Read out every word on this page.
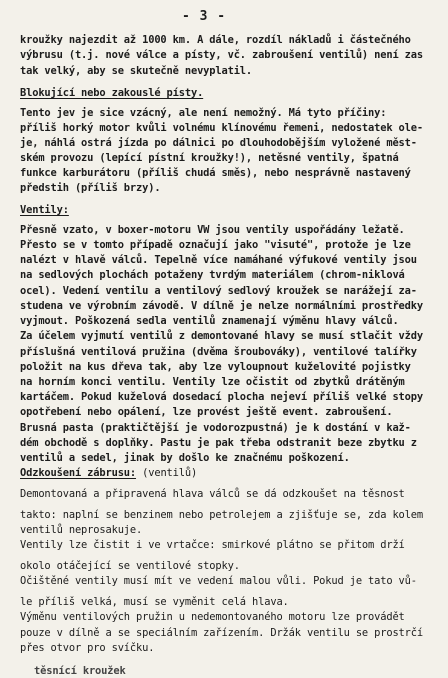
- 3 -
kroužky najezdit až 1000 km. A dále, rozdíl nákladů i částečného
výbrusu (t.j. nové válce a písty, vč. zabroušení ventilů) není zas
tak velký, aby se skutečně nevyplatil.
Blokující nebo zakouslé písty.
Tento jev je sice vzácný, ale není nemožný. Má tyto příčiny:
příliš horký motor kvůli volnému klínovému řemeni, nedostatek ole-
je, náhlá ostrá jízda po dálnici po dlouhodobějším vyložené měst-
ském provozu (lepící pístní kroužky!), netěsné ventily, špatná
funkce karburátoru (příliš chudá směs), nebo nesprávně nastavený
předstih (příliš brzy).
Ventily:
Přesně vzato, v boxer-motoru VW jsou ventily uspořádány ležatě.
Přesto se v tomto případě označují jako "visuté", protože je lze
nalézt v hlavě válců. Tepelně více namáhané výfukové ventily jsou
na sedlových plochách potaženy tvrdým materiálem (chrom-niklová
ocel). Vedení ventilu a ventilový sedlový kroužek se narážejí za-
studena ve výrobním závodě. V dílně je nelze normálními prostředky
vyjmout. Poškozená sedla ventilů znamenají výměnu hlavy válců.
Za účelem vyjmutí ventilů z demontované hlavy se musí stlačit vždy
příslušná ventilová pružina (dvěma šroubováky), ventilové talířky
položit na kus dřeva tak, aby lze vyloupnout kuželovité pojistky
na horním konci ventilu. Ventily lze očistit od zbytků drátěným
kartáčem. Pokud kuželová dosedací plocha nejeví příliš velké stopy
opotřebení nebo opálení, lze provést ještě event. zabroušení.
Brusná pasta (praktičtější je vodorozpustná) je k dostání v kaž-
dém obchodě s doplňky. Pastu je pak třeba odstranit beze zbytku z
ventilů a sedel, jinak by došlo ke značnému poškození.
Odzkoušení zábrusu: (ventilů)
Demontovaná a připravená hlava válců se dá odzkoušet na těsnost
takto: naplní se benzinem nebo petrolejem a zjišťuje se, zda kolem
ventilů neprosakuje.
Ventily lze čistit i ve vrtačce: smirkové plátno se přitom drží
okolo otáčející se ventilové stopky.
Očištěné ventily musí mít ve vedení malou vůli. Pokud je tato vů-
le příliš velká, musí se vyměnit celá hlava.
Výměnu ventilových pružin u nedemontovaného motoru lze provádět
pouze v dílně a se speciálním zařízením. Držák ventilu se prostrčí
přes otvor pro svíčku.
těsnící kroužek
